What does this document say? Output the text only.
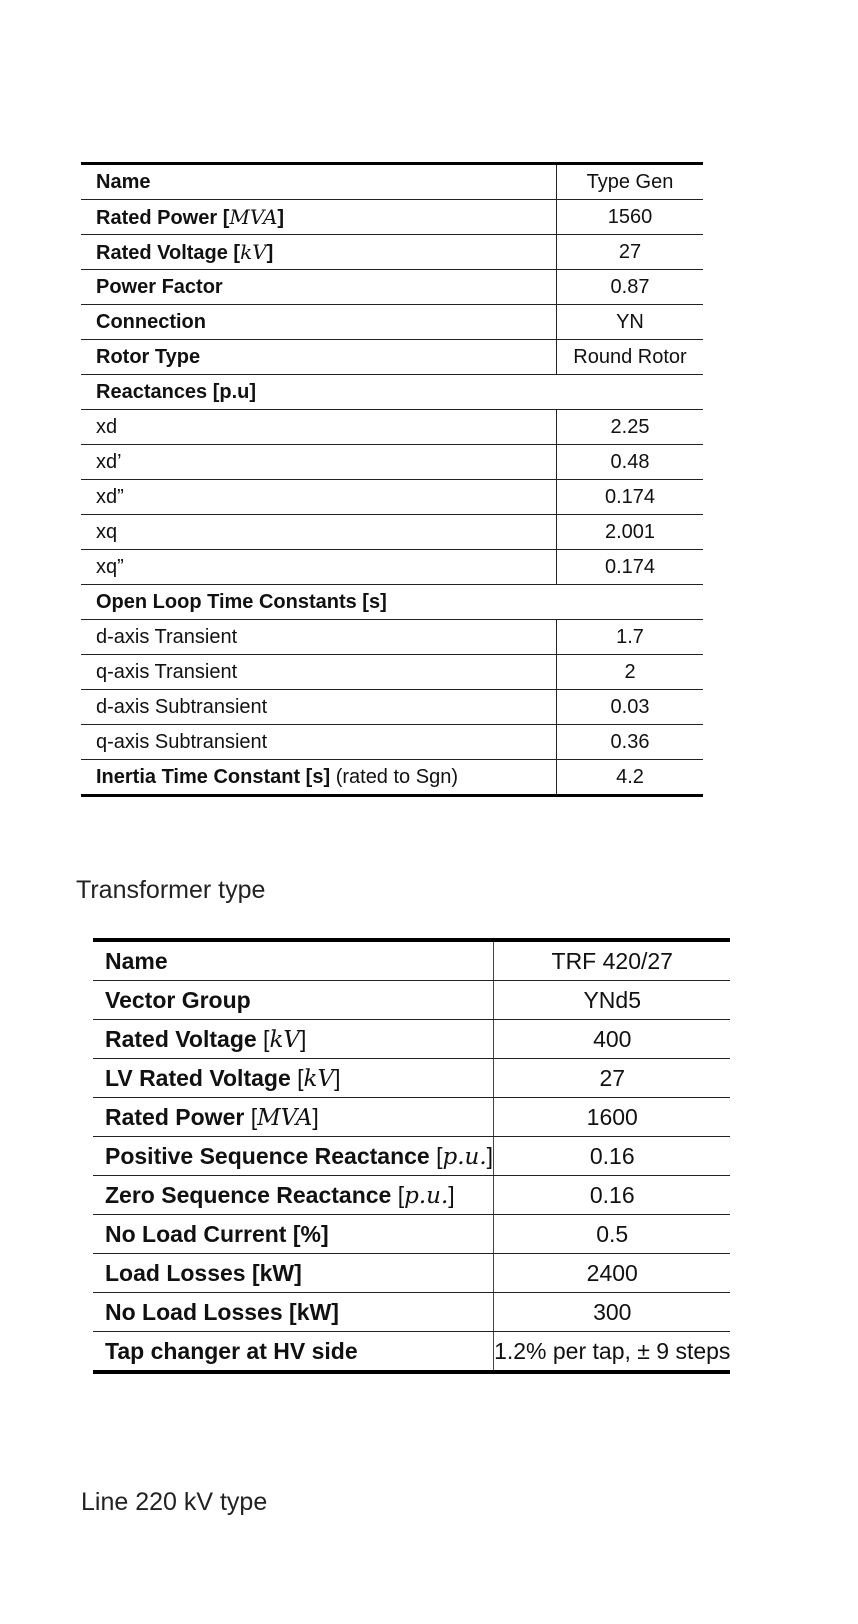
Name	Type Gen
Rated Power [MVA]	1560
Rated Voltage [kV]	27
Power Factor	0.87
Connection	YN
Rotor Type	Round Rotor
Reactances [p.u]	
xd	2.25
xd’	0.48
xd”	0.174
xq	2.001
xq”	0.174
Open Loop Time Constants [s]	
d-axis Transient	1.7
q-axis Transient	2
d-axis Subtransient	0.03
q-axis Subtransient	0.36
Inertia Time Constant [s] (rated to Sgn)	4.2
Transformer type
Name	TRF 420/27
Vector Group	YNd5
Rated Voltage [kV]	400
LV Rated Voltage [kV]	27
Rated Power [MVA]	1600
Positive Sequence Reactance [p.u.]	0.16
Zero Sequence Reactance [p.u.]	0.16
No Load Current [%]	0.5
Load Losses [kW]	2400
No Load Losses [kW]	300
Tap changer at HV side	1.2% per tap, ± 9 steps
Line 220 kV type
